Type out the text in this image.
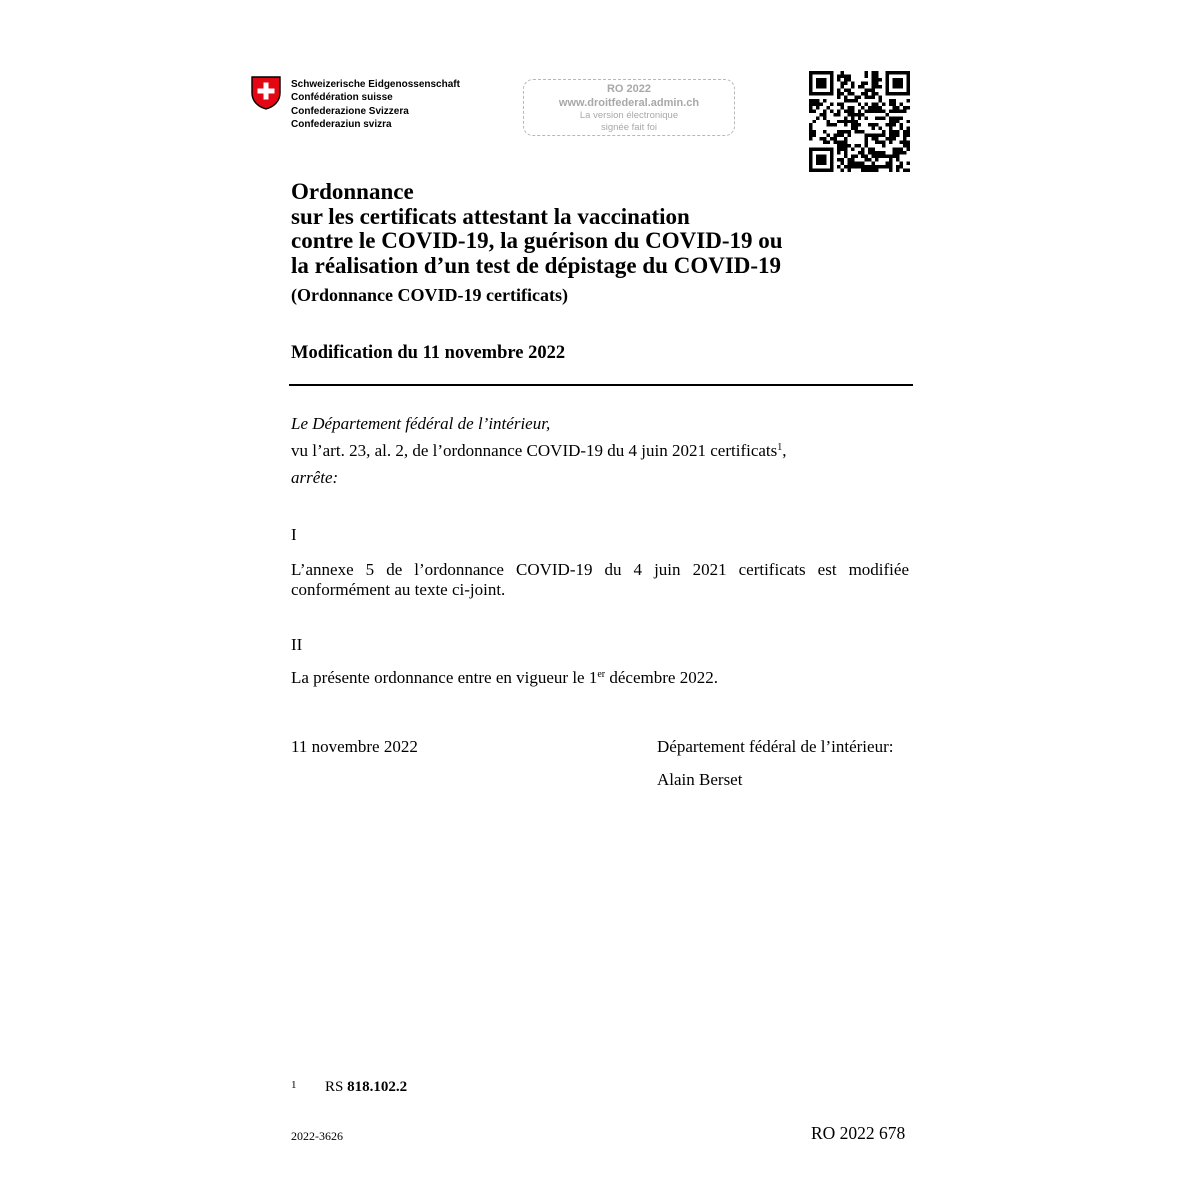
Schweizerische Eidgenossenschaft
Confédération suisse
Confederazione Svizzera
Confederaziun svizra
RO 2022
www.droitfederal.admin.ch
La version électronique
signée fait foi
Ordonnance
sur les certificats attestant la vaccination
contre le COVID-19, la guérison du COVID-19 ou
la réalisation d’un test de dépistage du COVID-19
(Ordonnance COVID-19 certificats)
Modification du 11 novembre 2022
Le Département fédéral de l’intérieur,
vu l’art. 23, al. 2, de l’ordonnance COVID-19 du 4 juin 2021 certificats$^1$,
arrête:
I
L’annexe 5 de l’ordonnance COVID-19 du 4 juin 2021 certificats est modifiée conformément au texte ci-joint.
II
La présente ordonnance entre en vigueur le 1er décembre 2022.
11 novembre 2022	Département fédéral de l’intérieur:
Alain Berset
1 RS 818.102.2
2022-3626	RO 2022 678
